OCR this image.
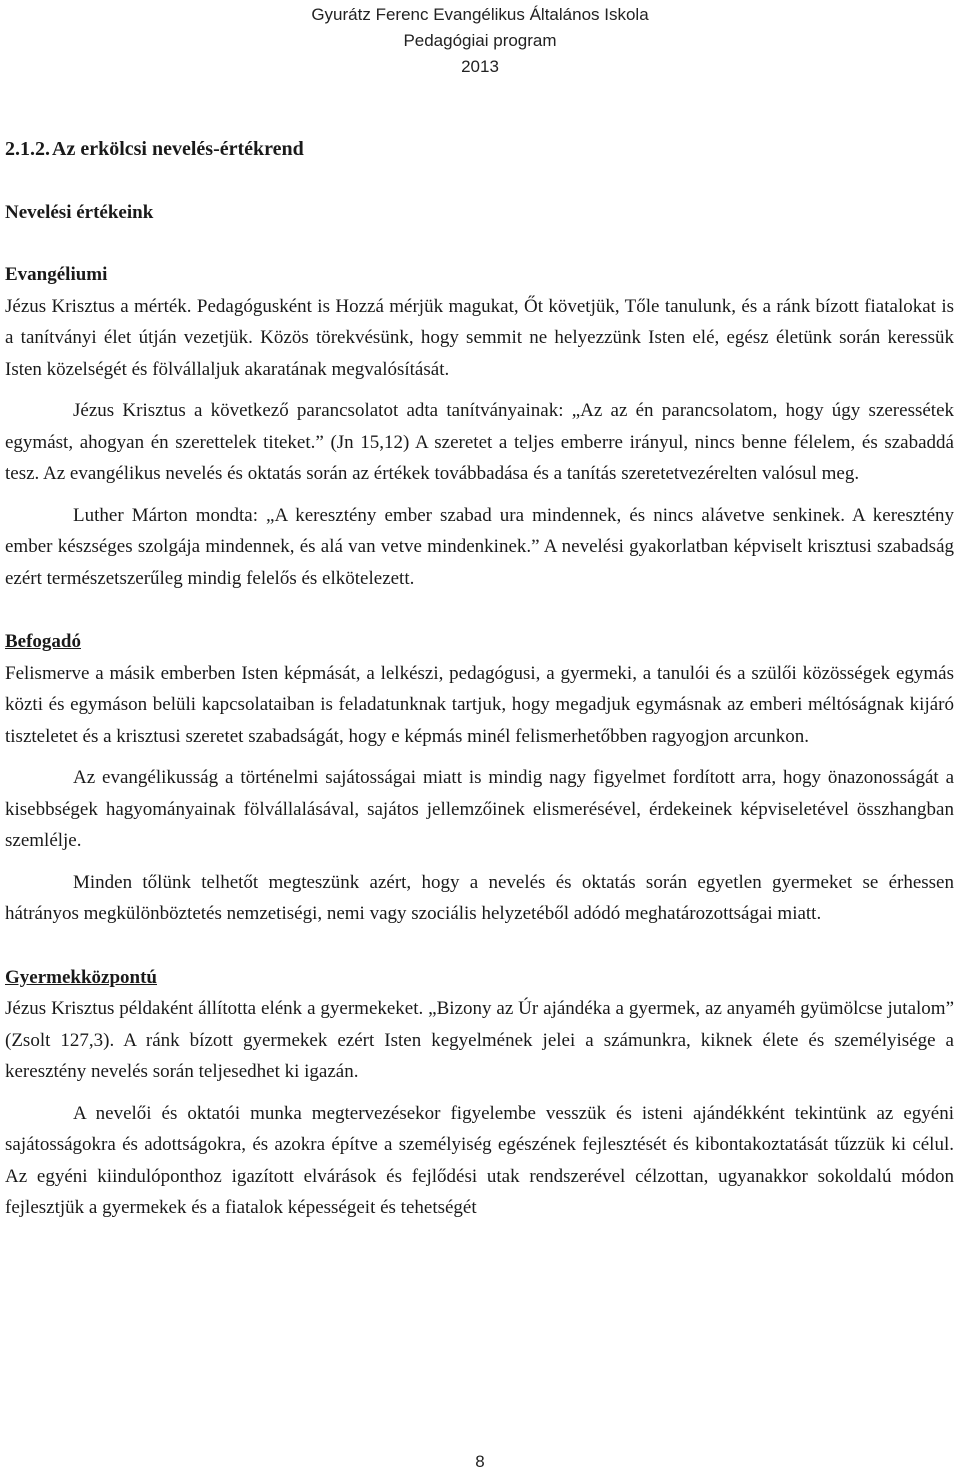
Gyurátz Ferenc Evangélikus Általános Iskola
Pedagógiai program
2013
2.1.2. Az erkölcsi nevelés-értékrend
Nevelési értékeink
Evangéliumi

Jézus Krisztus a mérték. Pedagógusként is Hozzá mérjük magukat, Őt követjük, Tőle tanulunk, és a ránk bízott fiatalokat is a tanítványi élet útján vezetjük. Közös törekvésünk, hogy semmit ne helyezzünk Isten elé, egész életünk során keressük Isten közelségét és fölvállaljuk akaratának megvalósítását.

Jézus Krisztus a következő parancsolatot adta tanítványainak: „Az az én parancsolatom, hogy úgy szeressétek egymást, ahogyan én szerettelek titeket.” (Jn 15,12) A szeretet a teljes emberre irányul, nincs benne félelem, és szabaddá tesz. Az evangélikus nevelés és oktatás során az értékek továbbadása és a tanítás szeretetvezérelten valósul meg.

Luther Márton mondta: „A keresztény ember szabad ura mindennek, és nincs alávetve senkinek. A keresztény ember készséges szolgája mindennek, és alá van vetve mindenkinek.” A nevelési gyakorlatban képviselt krisztusi szabadság ezért természetszerűleg mindig felelős és elkötelezett.

Befogadó

Felismerve a másik emberben Isten képmását, a lelkészi, pedagógusi, a gyermeki, a tanulói és a szülői közösségek egymás közti és egymáson belüli kapcsolataiban is feladatunknak tartjuk, hogy megadjuk egymásnak az emberi méltóságnak kijáró tiszteletet és a krisztusi szeretet szabadságát, hogy e képmás minél felismerhetőbben ragyogjon arcunkon.

Az evangélikusság a történelmi sajátosságai miatt is mindig nagy figyelmet fordított arra, hogy önazonosságát a kisebbségek hagyományainak fölvállalásával, sajátos jellemzőinek elismerésével, érdekeinek képviseletével összhangban szemlélje.

Minden tőlünk telhetőt megteszünk azért, hogy a nevelés és oktatás során egyetlen gyermeket se érhessen hátrányos megkülönböztetés nemzetiségi, nemi vagy szociális helyzetéből adódó meghatározottságai miatt.

Gyermekközpontú

Jézus Krisztus példaként állította elénk a gyermekeket. „Bizony az Úr ajándéka a gyermek, az anyaméh gyümölcse jutalom” (Zsolt 127,3). A ránk bízott gyermekek ezért Isten kegyelmének jelei a számunkra, kiknek élete és személyisége a keresztény nevelés során teljesedhet ki igazán.

A nevelői és oktatói munka megtervezésekor figyelembe vesszük és isteni ajándékként tekintünk az egyéni sajátosságokra és adottságokra, és azokra építve a személyiség egészének fejlesztését és kibontakoztatását tűzzük ki célul. Az egyéni kiindulóponthoz igazított elvárások és fejlődési utak rendszerével célzottan, ugyanakkor sokoldalú módon fejlesztjük a gyermekek és a fiatalok képességeit és tehetségét

8
